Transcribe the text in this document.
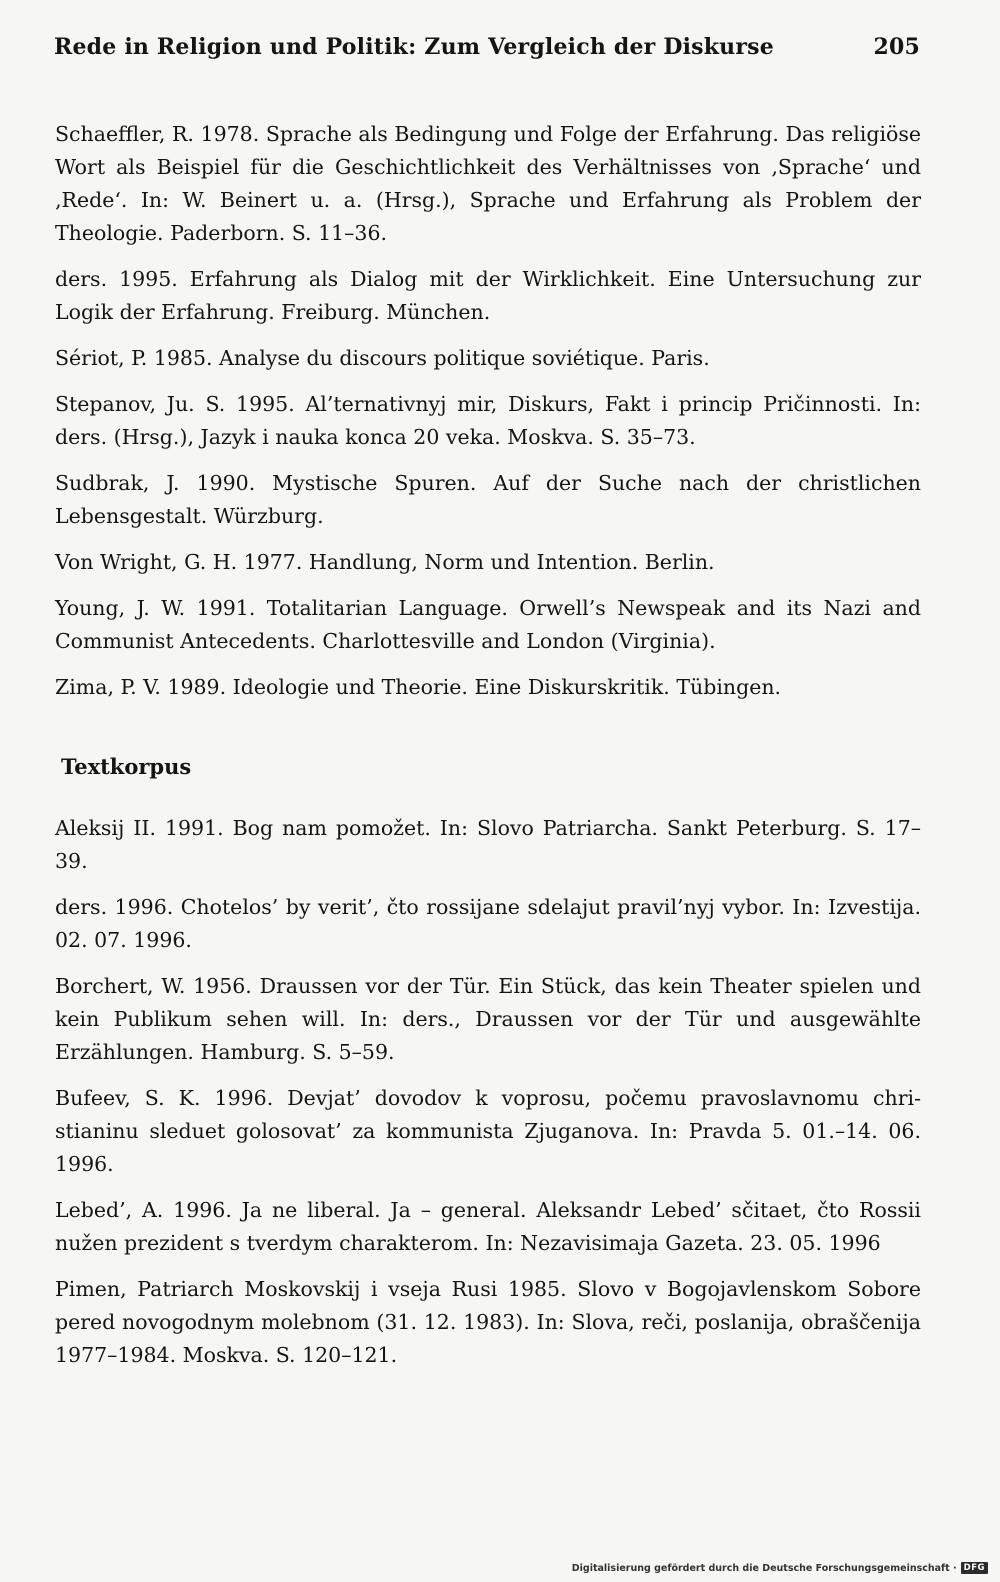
Rede in Religion und Politik: Zum Vergleich der Diskurse	205

Schaeffler, R. 1978. Sprache als Bedingung und Folge der Erfahrung. Das religiöse Wort als Beispiel für die Geschichtlichkeit des Verhältnisses von ‚Sprache‘ und ‚Rede‘. In: W. Beinert u. a. (Hrsg.), Sprache und Erfahrung als Problem der Theologie. Paderborn. S. 11–36.

ders. 1995. Erfahrung als Dialog mit der Wirklichkeit. Eine Untersuchung zur Logik der Erfahrung. Freiburg. München.

Sériot, P. 1985. Analyse du discours politique soviétique. Paris.

Stepanov, Ju. S. 1995. Al’ternativnyj mir, Diskurs, Fakt i princip Pričinnosti. In: ders. (Hrsg.), Jazyk i nauka konca 20 veka. Moskva. S. 35–73.

Sudbrak, J. 1990. Mystische Spuren. Auf der Suche nach der christlichen Lebensgestalt. Würzburg.

Von Wright, G. H. 1977. Handlung, Norm und Intention. Berlin.

Young, J. W. 1991. Totalitarian Language. Orwell’s Newspeak and its Nazi and Communist Antecedents. Charlottesville and London (Virginia).

Zima, P. V. 1989. Ideologie und Theorie. Eine Diskurskritik. Tübingen.

Textkorpus

Aleksij II. 1991. Bog nam pomožet. In: Slovo Patriarcha. Sankt Peterburg. S. 17–39.

ders. 1996. Chotelos’ by verit’, čto rossijane sdelajut pravil’nyj vybor. In: Izvestija. 02. 07. 1996.

Borchert, W. 1956. Draussen vor der Tür. Ein Stück, das kein Theater spielen und kein Publikum sehen will. In: ders., Draussen vor der Tür und ausgewählte Erzählungen. Hamburg. S. 5–59.

Bufeev, S. K. 1996. Devjat’ dovodov k voprosu, počemu pravoslavnomu christianinu sleduet golosovat’ za kommunista Zjuganova. In: Pravda 5. 01.–14. 06. 1996.

Lebed’, A. 1996. Ja ne liberal. Ja – general. Aleksandr Lebed’ sčitaet, čto Rossii nužen prezident s tverdym charakterom. In: Nezavisimaja Gazeta. 23. 05. 1996

Pimen, Patriarch Moskovskij i vseja Rusi 1985. Slovo v Bogojavlenskom Sobore pered novogodnym molebnom (31. 12. 1983). In: Slova, reči, poslanija, obraščenija 1977–1984. Moskva. S. 120–121.

Digitalisierung gefördert durch die Deutsche Forschungsgemeinschaft · DFG
